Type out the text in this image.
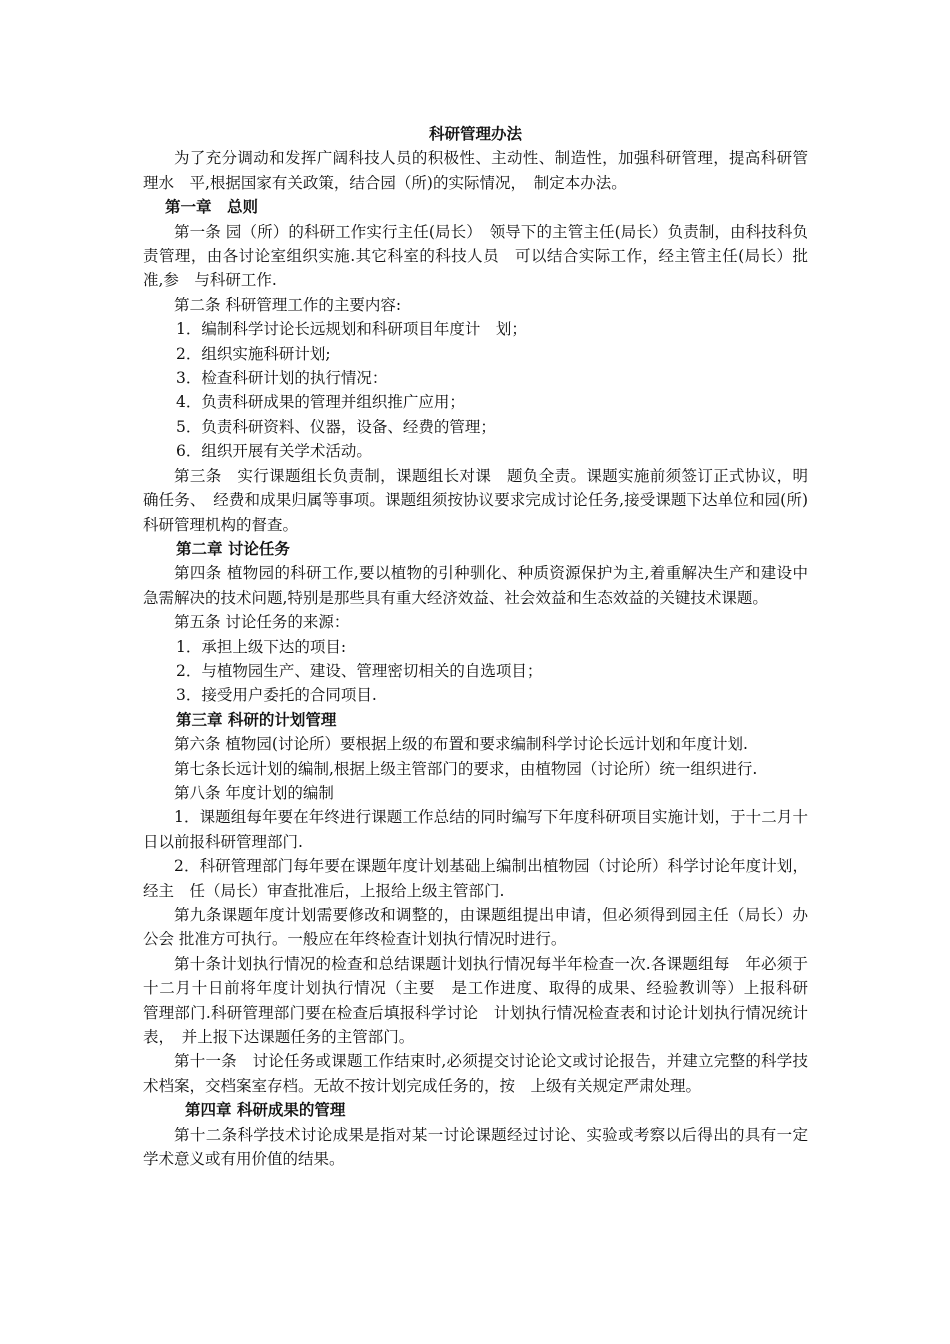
科研管理办法

为了充分调动和发挥广阔科技人员的积极性、主动性、制造性，加强科研管理，提高科研管理水　平,根据国家有关政策，结合园（所)的实际情况，　制定本办法。

第一章　总则

第一条 园（所）的科研工作实行主任(局长）　领导下的主管主任(局长）负责制，由科技科负责管理，由各讨论室组织实施.其它科室的科技人员　可以结合实际工作，经主管主任(局长）批准,参　与科研工作.

第二条 科研管理工作的主要内容:

1．编制科学讨论长远规划和科研项目年度计　划；

2．组织实施科研计划;

3．检查科研计划的执行情况：

4．负责科研成果的管理并组织推广应用；

5．负责科研资料、仪器，设备、经费的管理；

6．组织开展有关学术活动。

第三条　实行课题组长负责制，课题组长对课　题负全责。课题实施前须签订正式协议，明确任务、　经费和成果归属等事项。课题组须按协议要求完成讨论任务,接受课题下达单位和园(所)科研管理机构的督查。

第二章 讨论任务

第四条 植物园的科研工作,要以植物的引种驯化、种质资源保护为主,着重解决生产和建设中急需解决的技术问题,特别是那些具有重大经济效益、社会效益和生态效益的关键技术课题。

第五条 讨论任务的来源：

1．承担上级下达的项目:

2．与植物园生产、建设、管理密切相关的自选项目；

3．接受用户委托的合同项目.

第三章 科研的计划管理

第六条 植物园(讨论所）要根据上级的布置和要求编制科学讨论长远计划和年度计划.

第七条长远计划的编制,根据上级主管部门的要求，由植物园（讨论所）统一组织进行.

第八条 年度计划的编制

1．课题组每年要在年终进行课题工作总结的同时编写下年度科研项目实施计划，于十二月十日以前报科研管理部门.

2．科研管理部门每年要在课题年度计划基础上编制出植物园（讨论所）科学讨论年度计划，经主　任（局长）审查批准后，上报给上级主管部门.

第九条课题年度计划需要修改和调整的，由课题组提出申请，但必须得到园主任（局长）办公会 批准方可执行。一般应在年终检查计划执行情况时进行。

第十条计划执行情况的检查和总结课题计划执行情况每半年检查一次.各课题组每　年必须于十二月十日前将年度计划执行情况（主要　是工作进度、取得的成果、经验教训等）上报科研　管理部门.科研管理部门要在检查后填报科学讨论　计划执行情况检查表和讨论计划执行情况统计表，　并上报下达课题任务的主管部门。

第十一条　讨论任务或课题工作结束时,必须提交讨论论文或讨论报告，并建立完整的科学技术档案，交档案室存档。无故不按计划完成任务的，按　上级有关规定严肃处理。

第四章 科研成果的管理

第十二条科学技术讨论成果是指对某一讨论课题经过讨论、实验或考察以后得出的具有一定学术意义或有用价值的结果。
